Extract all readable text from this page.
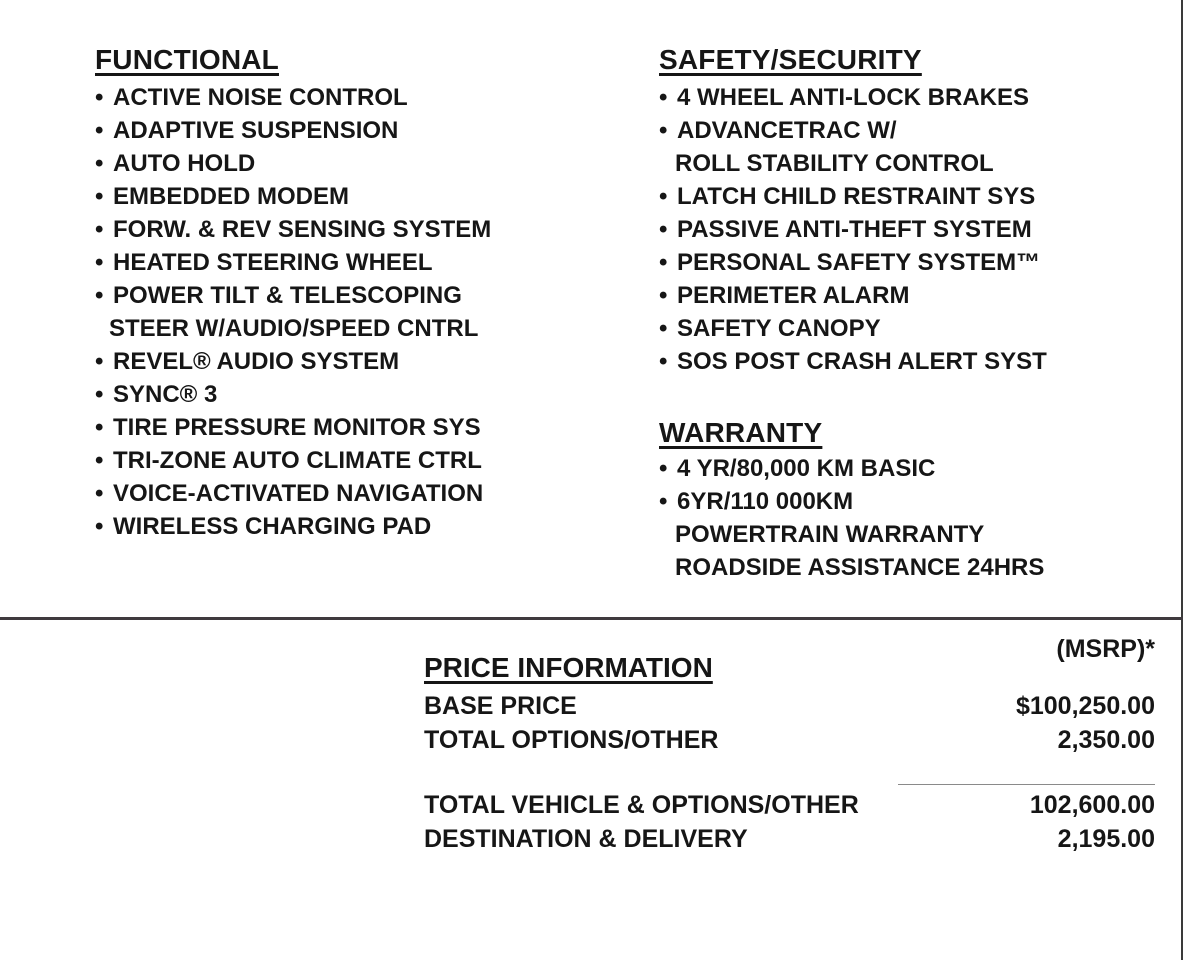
FUNCTIONAL
• ACTIVE NOISE CONTROL
• ADAPTIVE SUSPENSION
• AUTO HOLD
• EMBEDDED MODEM
• FORW. & REV SENSING SYSTEM
• HEATED STEERING WHEEL
• POWER TILT & TELESCOPING
STEER W/AUDIO/SPEED CNTRL
• REVEL® AUDIO SYSTEM
• SYNC® 3
• TIRE PRESSURE MONITOR SYS
• TRI-ZONE AUTO CLIMATE CTRL
• VOICE-ACTIVATED NAVIGATION
• WIRELESS CHARGING PAD
SAFETY/SECURITY
• 4 WHEEL ANTI-LOCK BRAKES
• ADVANCETRAC W/
ROLL STABILITY CONTROL
• LATCH CHILD RESTRAINT SYS
• PASSIVE ANTI-THEFT SYSTEM
• PERSONAL SAFETY SYSTEM™
• PERIMETER ALARM
• SAFETY CANOPY
• SOS POST CRASH ALERT SYST
WARRANTY
• 4 YR/80,000 KM BASIC
• 6YR/110 000KM
POWERTRAIN WARRANTY
ROADSIDE ASSISTANCE 24HRS
(MSRP)*
PRICE INFORMATION
BASE PRICE	$100,250.00
TOTAL OPTIONS/OTHER	2,350.00
TOTAL VEHICLE & OPTIONS/OTHER	102,600.00
DESTINATION & DELIVERY	2,195.00
